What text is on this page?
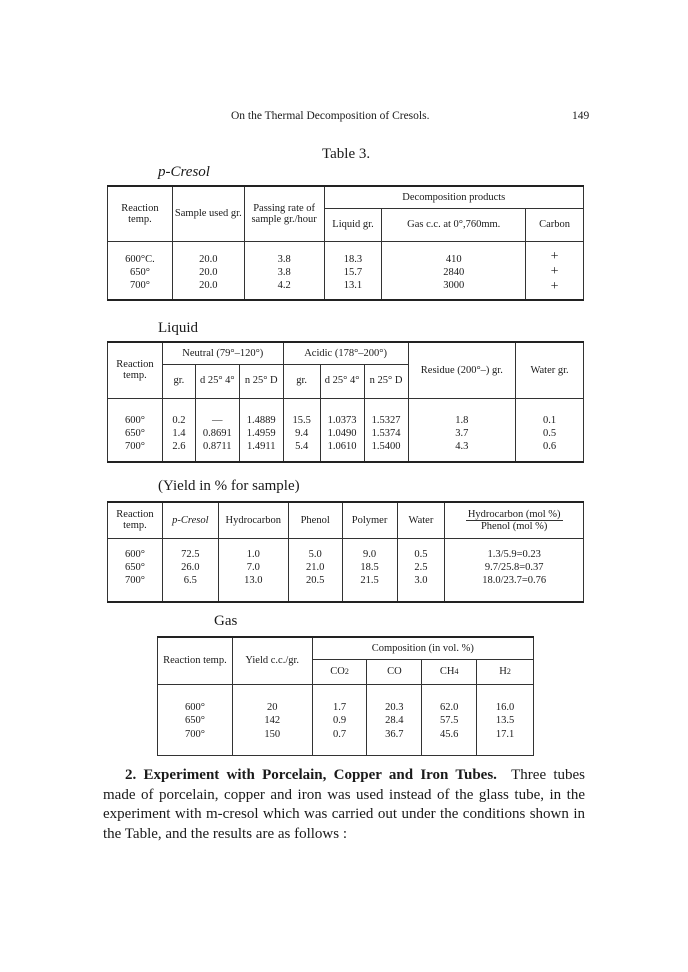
On the Thermal Decomposition of Cresols.	149
Table 3.
p-Cresol
Reaction temp.	Sample used gr.	Passing rate of sample gr./hour	Decomposition products		
			Liquid gr.	Gas c.c. at 0°,760mm.	Carbon
600°C.	20.0	3.8	18.3	410	+
650°	20.0	3.8	15.7	2840	+
700°	20.0	4.2	13.1	3000	+
Liquid
Reaction temp.	Neutral (79°–120°)			Acidic (178°–200°)			Residue (200°–) gr.	Water gr.
	gr.	d 25° 4°	n 25° D	gr.	d 25° 4°	n 25° D		
600°	0.2	—	1.4889	15.5	1.0373	1.5327	1.8	0.1
650°	1.4	0.8691	1.4959	9.4	1.0490	1.5374	3.7	0.5
700°	2.6	0.8711	1.4911	5.4	1.0610	1.5400	4.3	0.6
(Yield in % for sample)
Reaction temp.	p-Cresol	Hydrocarbon	Phenol	Polymer	Water	Hydrocarbon (mol %)
Phenol (mol %)
600°	72.5	1.0	5.0	9.0	0.5	1.3/5.9=0.23
650°	26.0	7.0	21.0	18.5	2.5	9.7/25.8=0.37
700°	6.5	13.0	20.5	21.5	3.0	18.0/23.7=0.76
Gas
Reaction temp.	Yield c.c./gr.	Composition (in vol. %)			
		CO2	CO	CH4	H2
600°	20	1.7	20.3	62.0	16.0
650°	142	0.9	28.4	57.5	13.5
700°	150	0.7	36.7	45.6	17.1
2. Experiment with Porcelain, Copper and Iron Tubes. Three tubes made of porcelain, copper and iron was used instead of the glass tube, in the experiment with m-cresol which was carried out under the conditions shown in the Table, and the results are as follows :
